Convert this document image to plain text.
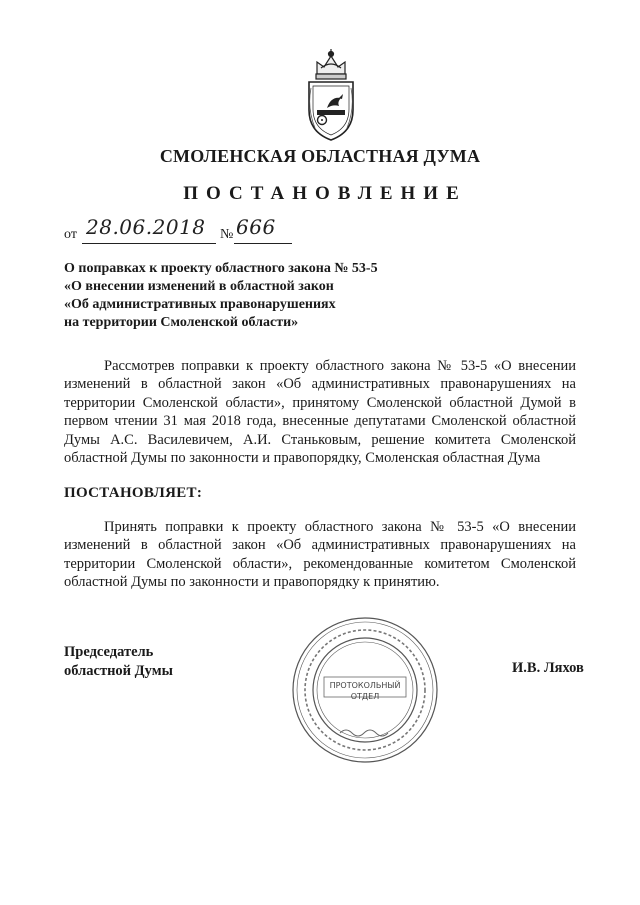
СМОЛЕНСКАЯ ОБЛАСТНАЯ ДУМА
ПОСТАНОВЛЕНИЕ
от 28.06.2018 № 666
О поправках к проекту областного закона № 53-5
«О внесении изменений в областной закон
«Об административных правонарушениях
на территории Смоленской области»
Рассмотрев поправки к проекту областного закона № 53-5 «О внесении изменений в областной закон «Об административных правонарушениях на территории Смоленской области», принятому Смоленской областной Думой в первом чтении 31 мая 2018 года, внесенные депутатами Смоленской областной Думы А.С. Василевичем, А.И. Станьковым, решение комитета Смоленской областной Думы по законности и правопорядку, Смоленская областная Дума
ПОСТАНОВЛЯЕТ:
Принять поправки к проекту областного закона № 53-5 «О внесении изменений в областной закон «Об административных правонарушениях на территории Смоленской области», рекомендованные комитетом Смоленской областной Думы по законности и правопорядку к принятию.
Председатель
областной Думы
ПРОТОКОЛЬНЫЙ
ОТДЕЛ
И.В. Ляхов
